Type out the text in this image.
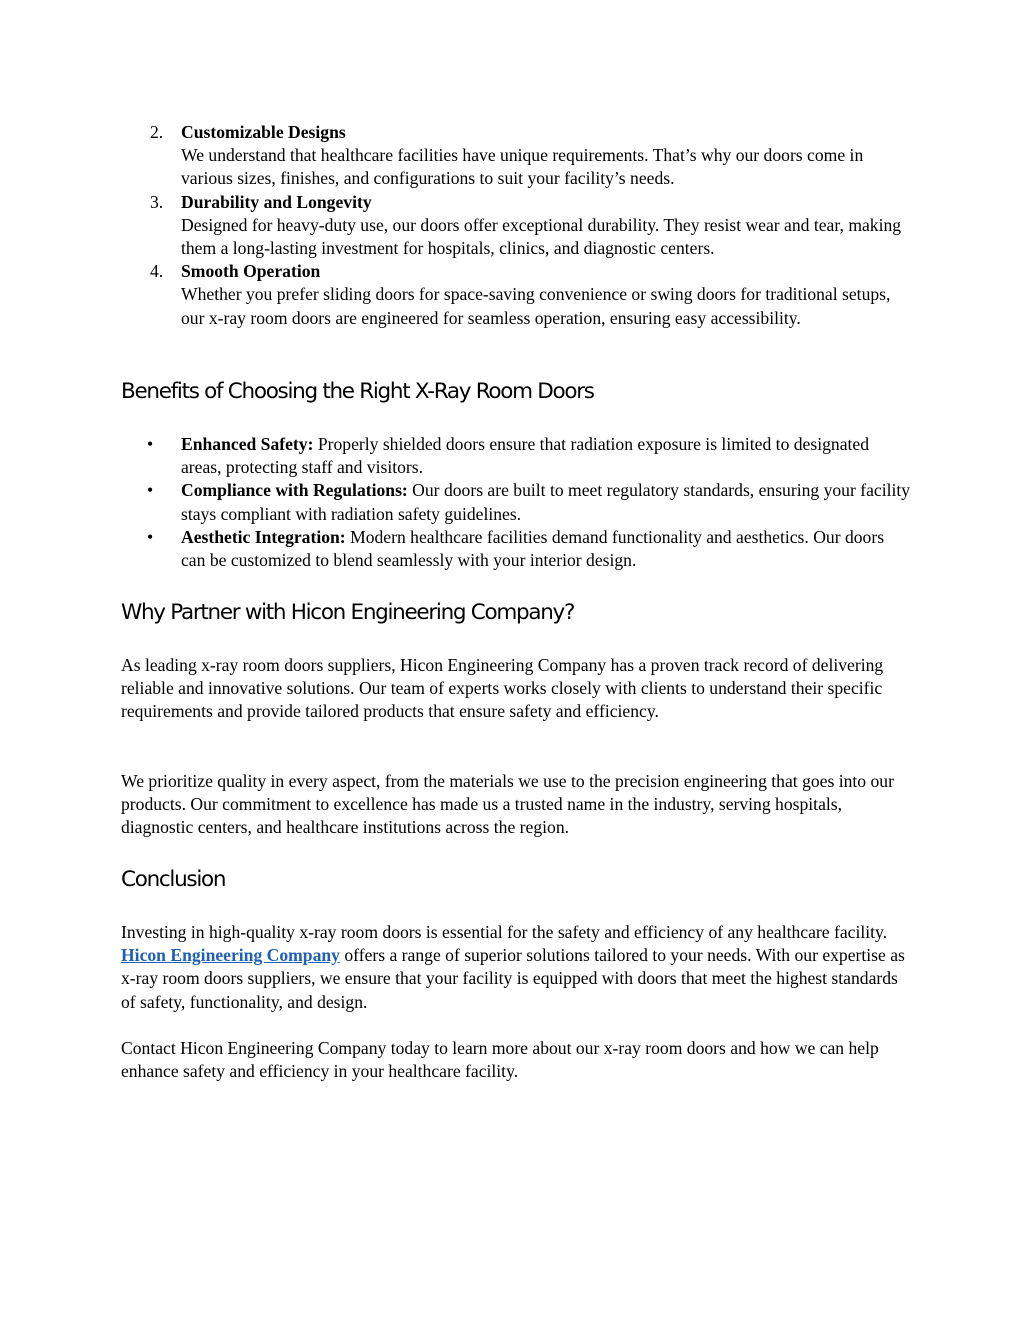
2. Customizable Designs
We understand that healthcare facilities have unique requirements. That’s why our doors come in various sizes, finishes, and configurations to suit your facility’s needs.
3. Durability and Longevity
Designed for heavy-duty use, our doors offer exceptional durability. They resist wear and tear, making them a long-lasting investment for hospitals, clinics, and diagnostic centers.
4. Smooth Operation
Whether you prefer sliding doors for space-saving convenience or swing doors for traditional setups, our x-ray room doors are engineered for seamless operation, ensuring easy accessibility.
Benefits of Choosing the Right X-Ray Room Doors
• Enhanced Safety: Properly shielded doors ensure that radiation exposure is limited to designated areas, protecting staff and visitors.
• Compliance with Regulations: Our doors are built to meet regulatory standards, ensuring your facility stays compliant with radiation safety guidelines.
• Aesthetic Integration: Modern healthcare facilities demand functionality and aesthetics. Our doors can be customized to blend seamlessly with your interior design.
Why Partner with Hicon Engineering Company?

As leading x-ray room doors suppliers, Hicon Engineering Company has a proven track record of delivering reliable and innovative solutions. Our team of experts works closely with clients to understand their specific requirements and provide tailored products that ensure safety and efficiency.

We prioritize quality in every aspect, from the materials we use to the precision engineering that goes into our products. Our commitment to excellence has made us a trusted name in the industry, serving hospitals, diagnostic centers, and healthcare institutions across the region.

Conclusion

Investing in high-quality x-ray room doors is essential for the safety and efficiency of any healthcare facility. Hicon Engineering Company offers a range of superior solutions tailored to your needs. With our expertise as x-ray room doors suppliers, we ensure that your facility is equipped with doors that meet the highest standards of safety, functionality, and design.

Contact Hicon Engineering Company today to learn more about our x-ray room doors and how we can help enhance safety and efficiency in your healthcare facility.
